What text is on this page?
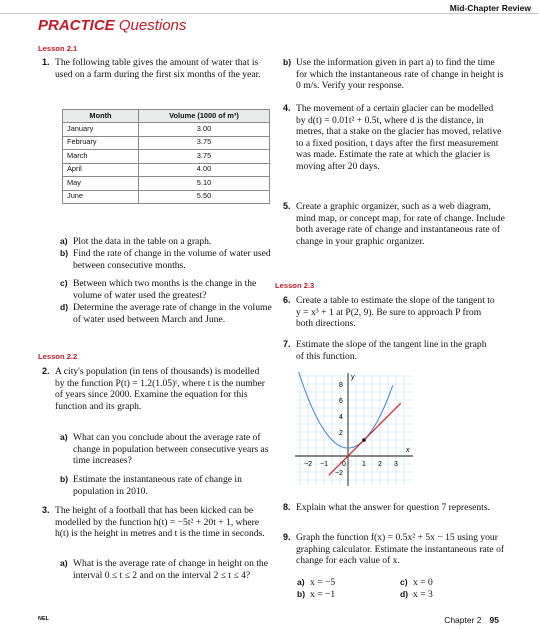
Mid-Chapter Review
PRACTICE Questions
Lesson 2.1
1. The following table gives the amount of water that is used on a farm during the first six months of the year.
Month	Volume (1000 of m³)
January	3.00
February	3.75
March	3.75
April	4.00
May	5.10
June	5.50
a) Plot the data in the table on a graph.
b) Find the rate of change in the volume of water used between consecutive months.
c) Between which two months is the change in the volume of water used the greatest?
d) Determine the average rate of change in the volume of water used between March and June.
Lesson 2.2
2. A city's population (in tens of thousands) is modelled by the function P(t) = 1.2(1.05)ᵗ, where t is the number of years since 2000. Examine the equation for this function and its graph.
a) What can you conclude about the average rate of change in population between consecutive years as time increases?
b) Estimate the instantaneous rate of change in population in 2010.
3. The height of a football that has been kicked can be modelled by the function h(t) = −5t² + 20t + 1, where h(t) is the height in metres and t is the time in seconds.
a) What is the average rate of change in height on the interval 0 ≤ t ≤ 2 and on the interval 2 ≤ t ≤ 4?
b) Use the information given in part a) to find the time for which the instantaneous rate of change in height is 0 m/s. Verify your response.
4. The movement of a certain glacier can be modelled by d(t) = 0.01t² + 0.5t, where d is the distance, in metres, that a stake on the glacier has moved, relative to a fixed position, t days after the first measurement was made. Estimate the rate at which the glacier is moving after 20 days.
5. Create a graphic organizer, such as a web diagram, mind map, or concept map, for rate of change. Include both average rate of change and instantaneous rate of change in your graphic organizer.
Lesson 2.3
6. Create a table to estimate the slope of the tangent to y = x³ + 1 at P(2, 9). Be sure to approach P from both directions.
7. Estimate the slope of the tangent line in the graph of this function.
y
x
8
6
4
2
−2
−2 −1 0 1 2 3
8. Explain what the answer for question 7 represents.
9. Graph the function f(x) = 0.5x² + 5x − 15 using your graphing calculator. Estimate the instantaneous rate of change for each value of x.
a) x = −5
b) x = −1
c) x = 0
d) x = 3
NEL	Chapter 2 95
